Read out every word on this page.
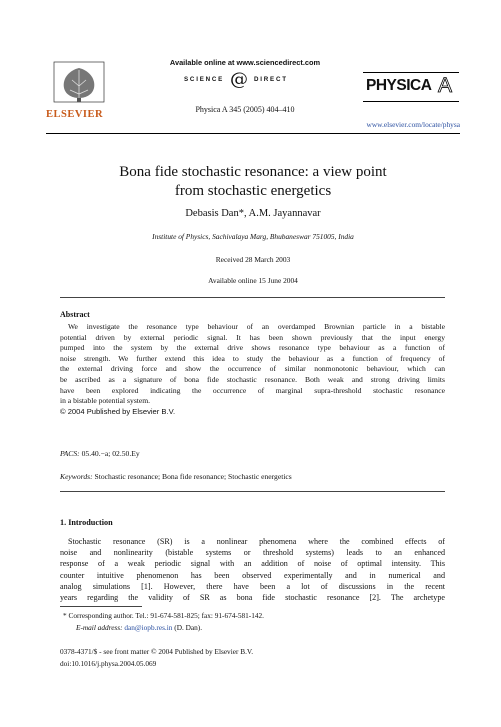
ELSEVIER
Available online at www.sciencedirect.com
SCIENCE @ DIRECT
Physica A 345 (2005) 404–410
PHYSICA A
www.elsevier.com/locate/physa
Bona fide stochastic resonance: a view point
from stochastic energetics
Debasis Dan*, A.M. Jayannavar
Institute of Physics, Sachivalaya Marg, Bhubaneswar 751005, India
Received 28 March 2003
Available online 15 June 2004
Abstract
We investigate the resonance type behaviour of an overdamped Brownian particle in a bistable
potential driven by external periodic signal. It has been shown previously that the input energy
pumped into the system by the external drive shows resonance type behaviour as a function of
noise strength. We further extend this idea to study the behaviour as a function of frequency of
the external driving force and show the occurrence of similar nonmonotonic behaviour, which can
be ascribed as a signature of bona fide stochastic resonance. Both weak and strong driving limits
have been explored indicating the occurrence of marginal supra-threshold stochastic resonance
in a bistable potential system.
© 2004 Published by Elsevier B.V.
PACS: 05.40.−a; 02.50.Ey
Keywords: Stochastic resonance; Bona fide resonance; Stochastic energetics
1. Introduction
Stochastic resonance (SR) is a nonlinear phenomena where the combined effects of
noise and nonlinearity (bistable systems or threshold systems) leads to an enhanced
response of a weak periodic signal with an addition of noise of optimal intensity. This
counter intuitive phenomenon has been observed experimentally and in numerical and
analog simulations [1]. However, there have been a lot of discussions in the recent
years regarding the validity of SR as bona fide stochastic resonance [2]. The archetype
* Corresponding author. Tel.: 91-674-581-825; fax: 91-674-581-142.
E-mail address: dan@iopb.res.in (D. Dan).
0378-4371/$ - see front matter © 2004 Published by Elsevier B.V.
doi:10.1016/j.physa.2004.05.069
